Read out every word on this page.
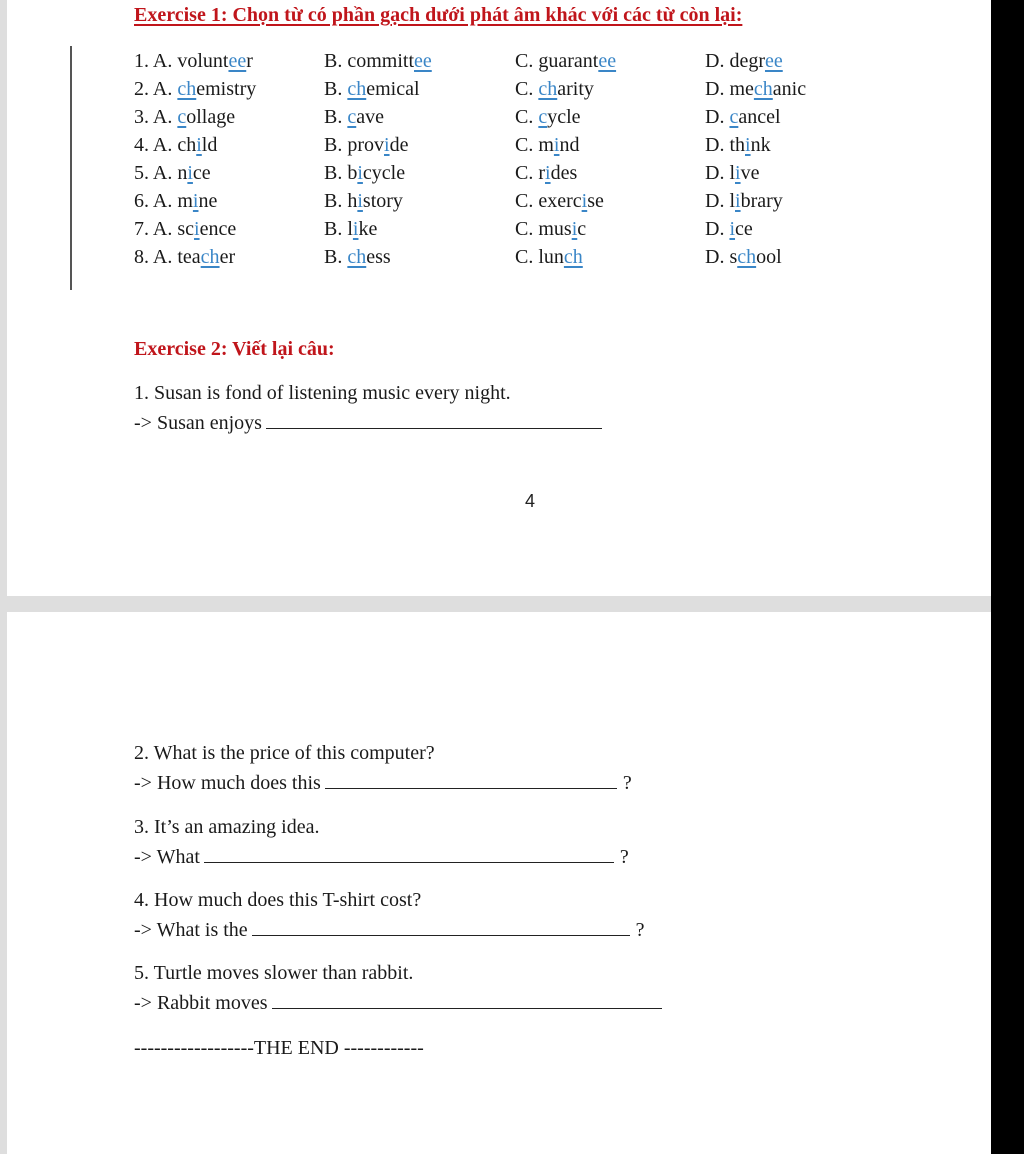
Exercise 1: Chọn từ có phần gạch dưới phát âm khác với các từ còn lại:
1. A. volunteer	B. committee	C. guarantee	D. degree
2. A. chemistry	B. chemical	C. charity	D. mechanic
3. A. collage	B. cave	C. cycle	D. cancel
4. A. child	B. provide	C. mind	D. think
5. A. nice	B. bicycle	C. rides	D. live
6. A. mine	B. history	C. exercise	D. library
7. A. science	B. like	C. music	D. ice
8. A. teacher	B. chess	C. lunch	D. school
Exercise 2: Viết lại câu:
1. Susan is fond of listening music every night.
-> Susan enjoys
4
2. What is the price of this computer?
-> How much does this	?
3. It’s an amazing idea.
-> What	?
4. How much does this T-shirt cost?
-> What is the	?
5. Turtle moves slower than rabbit.
-> Rabbit moves
------------------THE END ------------
